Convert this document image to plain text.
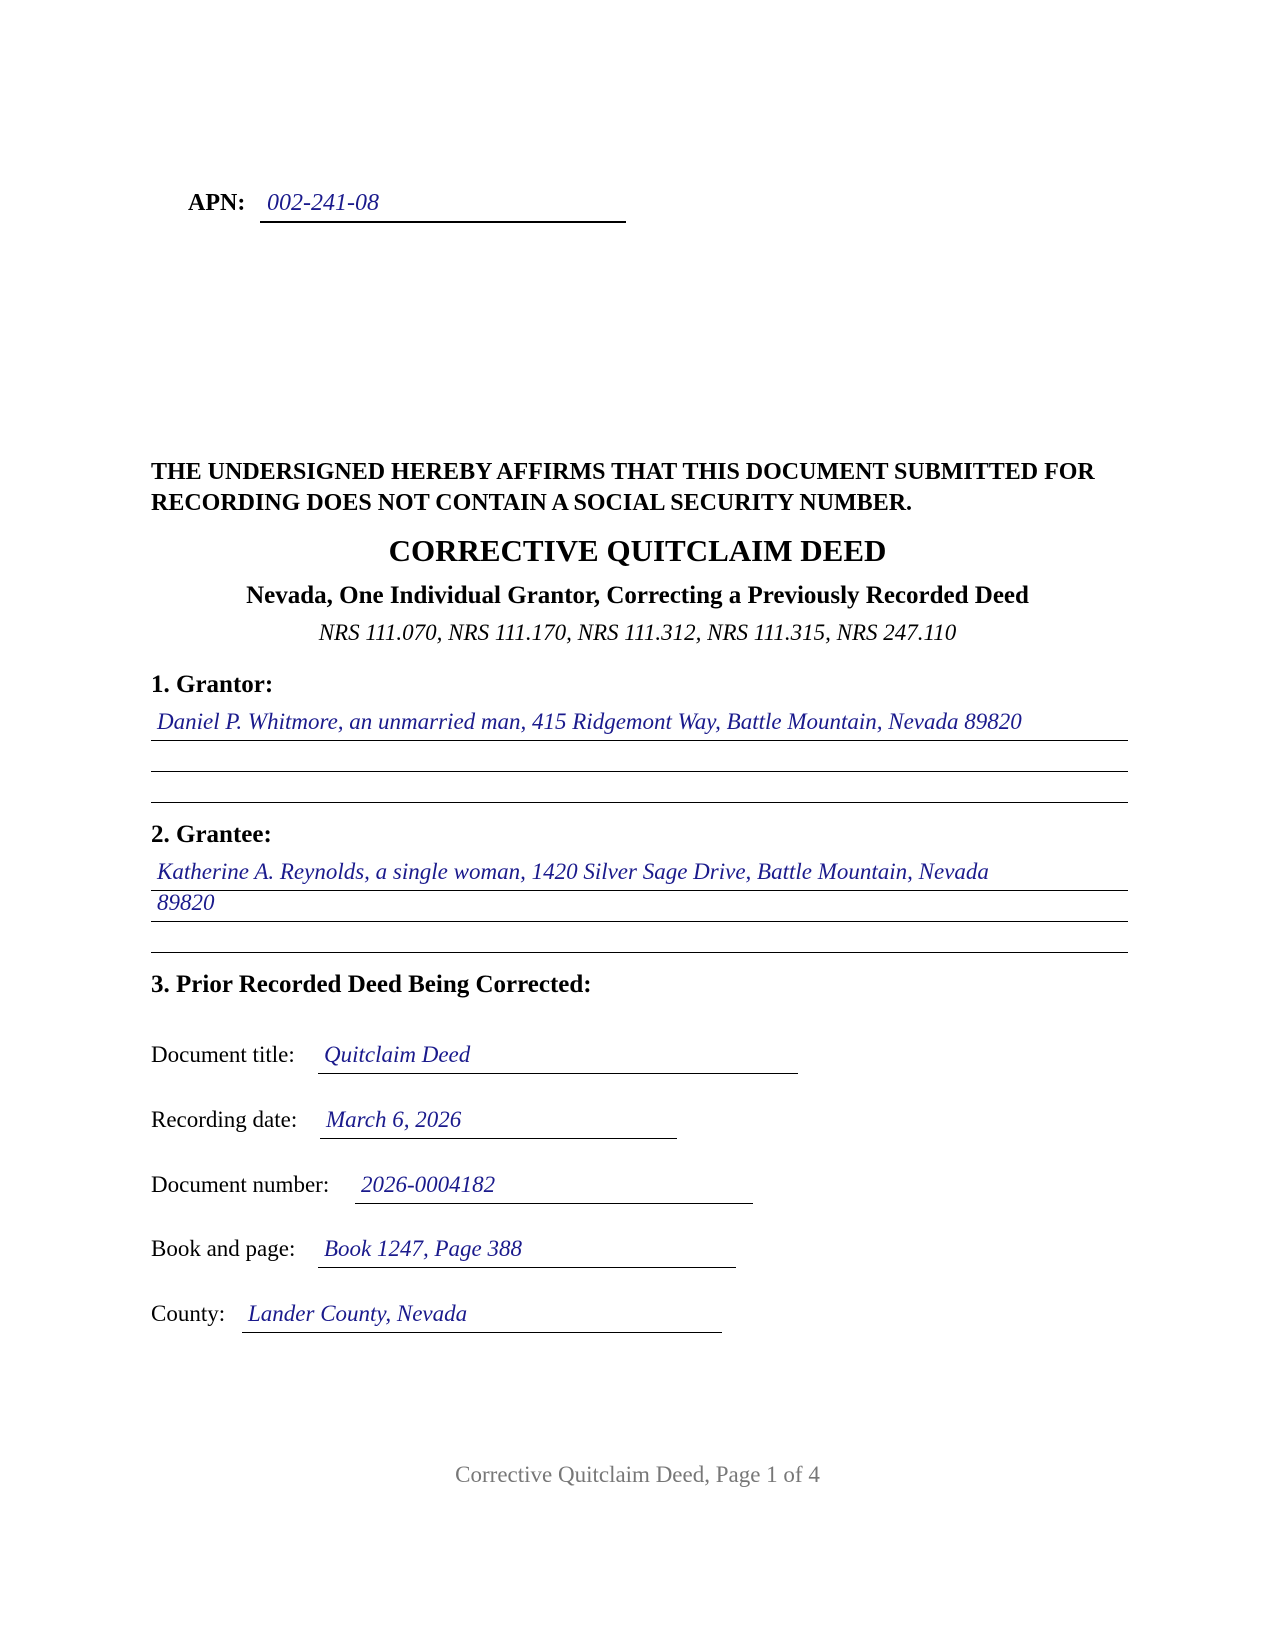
APN: 002-241-08
THE UNDERSIGNED HEREBY AFFIRMS THAT THIS DOCUMENT SUBMITTED FOR RECORDING DOES NOT CONTAIN A SOCIAL SECURITY NUMBER.
CORRECTIVE QUITCLAIM DEED
Nevada, One Individual Grantor, Correcting a Previously Recorded Deed
NRS 111.070, NRS 111.170, NRS 111.312, NRS 111.315, NRS 247.110
1. Grantor:
Daniel P. Whitmore, an unmarried man, 415 Ridgemont Way, Battle Mountain, Nevada 89820
2. Grantee:
Katherine A. Reynolds, a single woman, 1420 Silver Sage Drive, Battle Mountain, Nevada
89820
3. Prior Recorded Deed Being Corrected:
Document title: Quitclaim Deed
Recording date: March 6, 2026
Document number: 2026-0004182
Book and page: Book 1247, Page 388
County: Lander County, Nevada
Corrective Quitclaim Deed, Page 1 of 4
